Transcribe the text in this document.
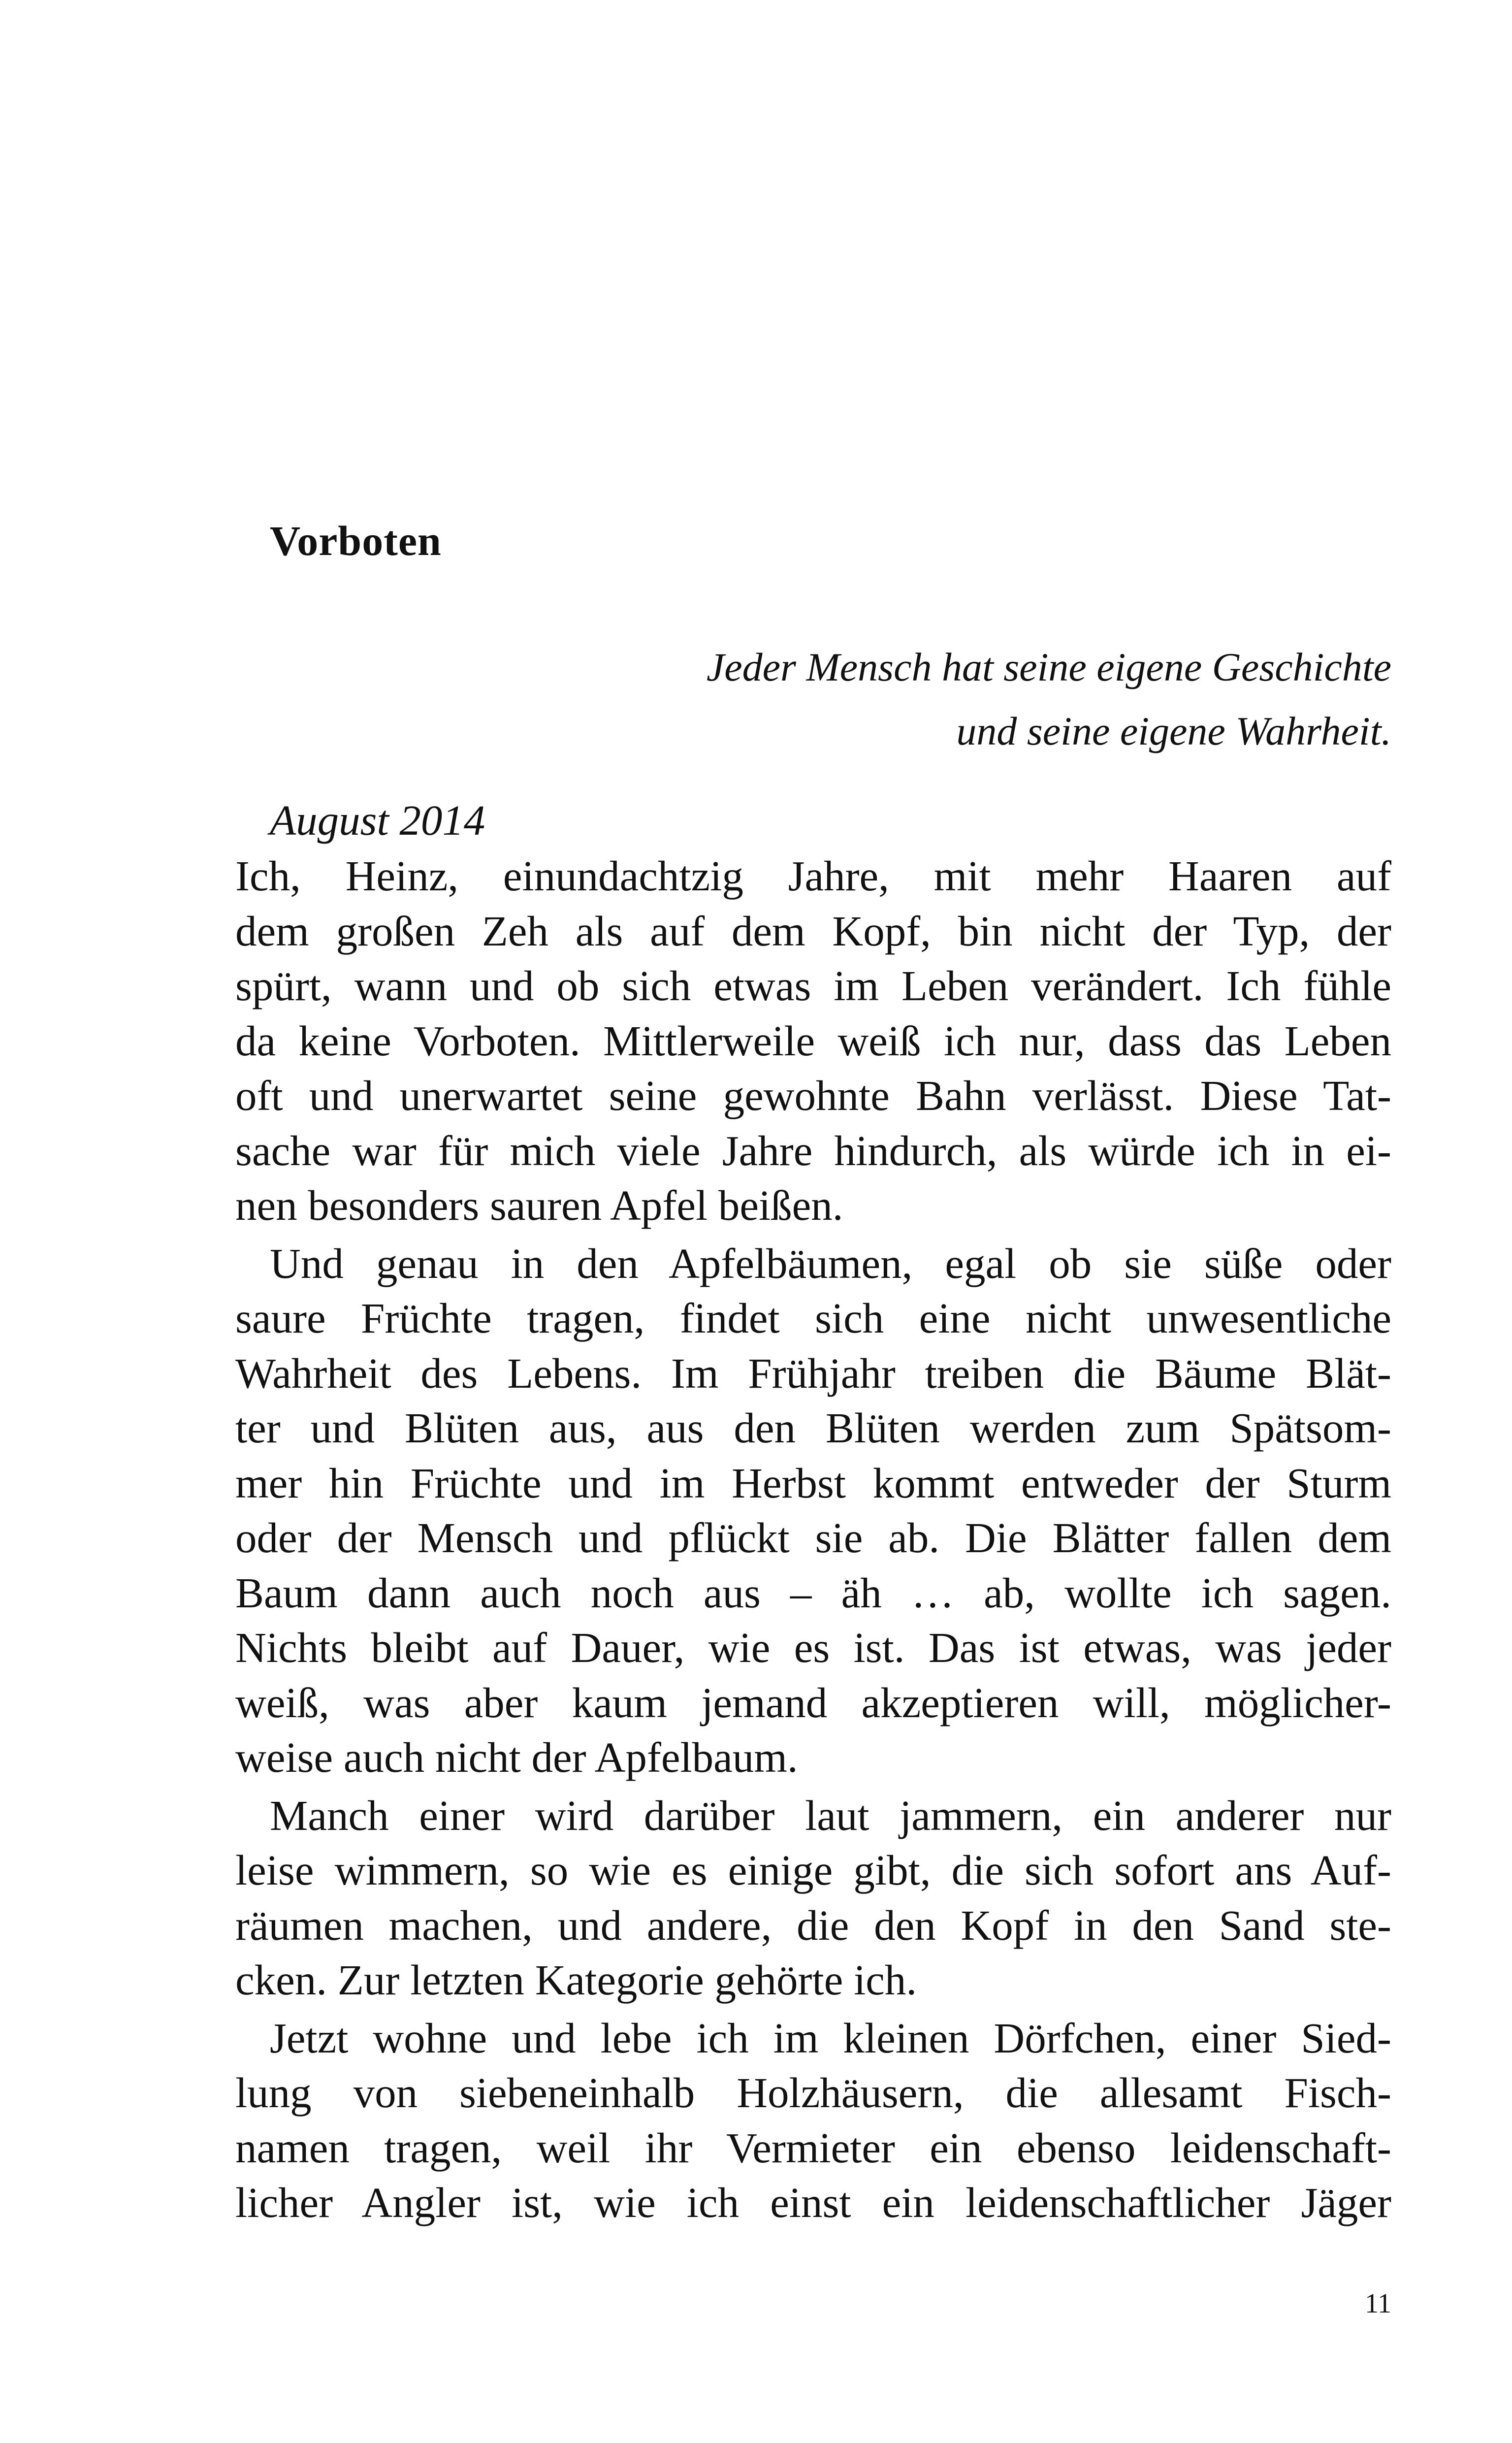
Vorboten
Jeder Mensch hat seine eigene Geschichte
und seine eigene Wahrheit.
August 2014
Ich, Heinz, einundachtzig Jahre, mit mehr Haaren auf
dem großen Zeh als auf dem Kopf, bin nicht der Typ, der
spürt, wann und ob sich etwas im Leben verändert. Ich fühle
da keine Vorboten. Mittlerweile weiß ich nur, dass das Leben
oft und unerwartet seine gewohnte Bahn verlässt. Diese Tat-
sache war für mich viele Jahre hindurch, als würde ich in ei-
nen besonders sauren Apfel beißen.
Und genau in den Apfelbäumen, egal ob sie süße oder
saure Früchte tragen, findet sich eine nicht unwesentliche
Wahrheit des Lebens. Im Frühjahr treiben die Bäume Blät-
ter und Blüten aus, aus den Blüten werden zum Spätsom-
mer hin Früchte und im Herbst kommt entweder der Sturm
oder der Mensch und pflückt sie ab. Die Blätter fallen dem
Baum dann auch noch aus – äh … ab, wollte ich sagen.
Nichts bleibt auf Dauer, wie es ist. Das ist etwas, was jeder
weiß, was aber kaum jemand akzeptieren will, möglicher-
weise auch nicht der Apfelbaum.
Manch einer wird darüber laut jammern, ein anderer nur
leise wimmern, so wie es einige gibt, die sich sofort ans Auf-
räumen machen, und andere, die den Kopf in den Sand ste-
cken. Zur letzten Kategorie gehörte ich.
Jetzt wohne und lebe ich im kleinen Dörfchen, einer Sied-
lung von siebeneinhalb Holzhäusern, die allesamt Fisch-
namen tragen, weil ihr Vermieter ein ebenso leidenschaft-
licher Angler ist, wie ich einst ein leidenschaftlicher Jäger

11
